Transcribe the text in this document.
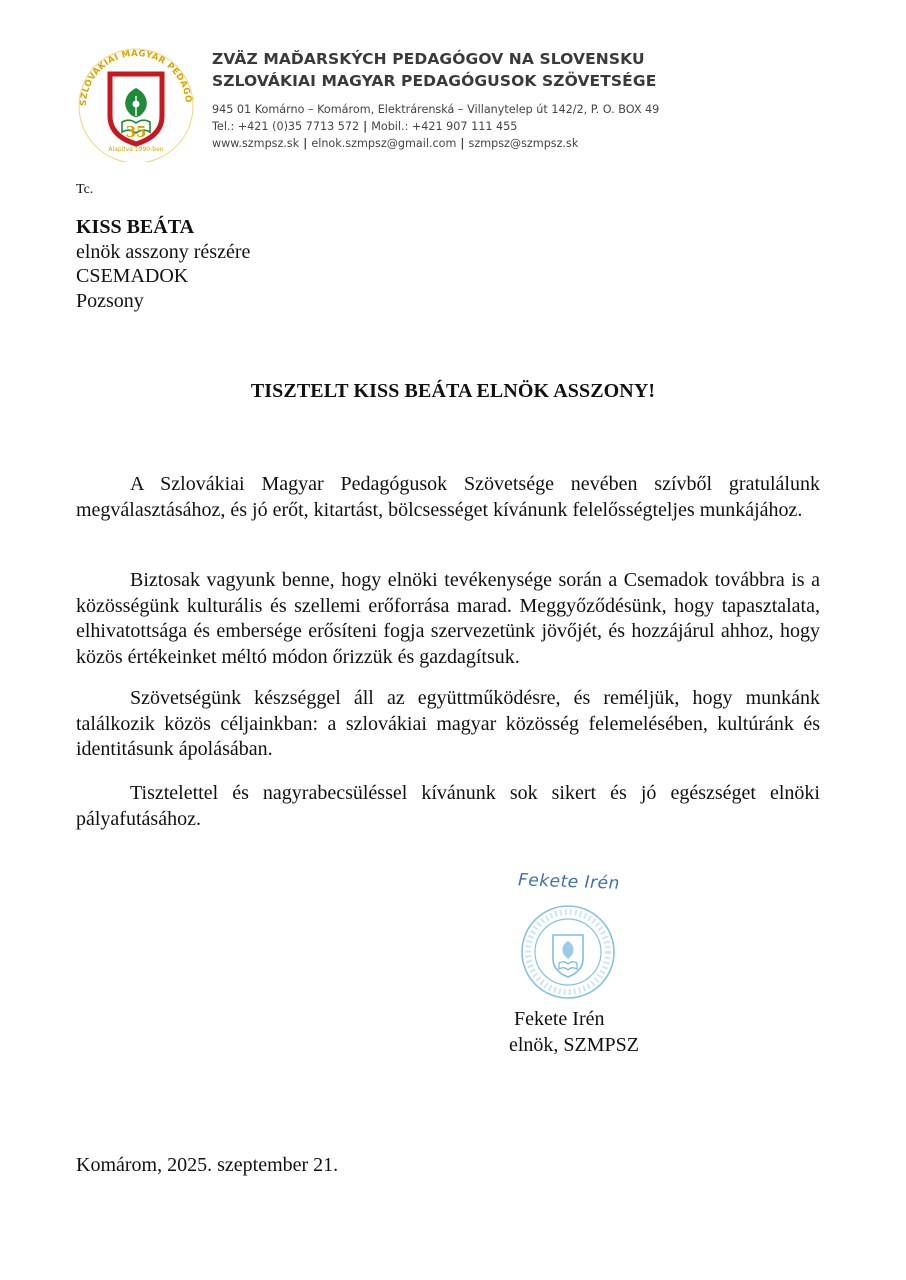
SZLOVÁKIAI MAGYAR PEDAGÓ
35
Alapítva 1990-ben
ZVÄZ MAĎARSKÝCH PEDAGÓGOV NA SLOVENSKU
SZLOVÁKIAI MAGYAR PEDAGÓGUSOK SZÖVETSÉGE
945 01 Komárno – Komárom, Elektrárenská – Villanytelep út 142/2, P. O. BOX 49
Tel.: +421 (0)35 7713 572 | Mobil.: +421 907 111 455
www.szmpsz.sk | elnok.szmpsz@gmail.com | szmpsz@szmpsz.sk
Tc.
KISS BEÁTA
elnök asszony részére
CSEMADOK
Pozsony
TISZTELT KISS BEÁTA ELNÖK ASSZONY!

A Szlovákiai Magyar Pedagógusok Szövetsége nevében szívből gratulálunk megválasztásához, és jó erőt, kitartást, bölcsességet kívánunk felelősségteljes munkájához.

Biztosak vagyunk benne, hogy elnöki tevékenysége során a Csemadok továbbra is a közösségünk kulturális és szellemi erőforrása marad. Meggyőződésünk, hogy tapasztalata, elhivatottsága és embersége erősíteni fogja szervezetünk jövőjét, és hozzájárul ahhoz, hogy közös értékeinket méltó módon őrizzük és gazdagítsuk.

Szövetségünk készséggel áll az együttműködésre, és reméljük, hogy munkánk találkozik közös céljainkban: a szlovákiai magyar közösség felemelésében, kultúránk és identitásunk ápolásában.

Tisztelettel és nagyrabecsüléssel kívánunk sok sikert és jó egészséget elnöki pályafutásához.

Fekete Irén
Fekete Irén
elnök, SZMPSZ
Komárom, 2025. szeptember 21.
